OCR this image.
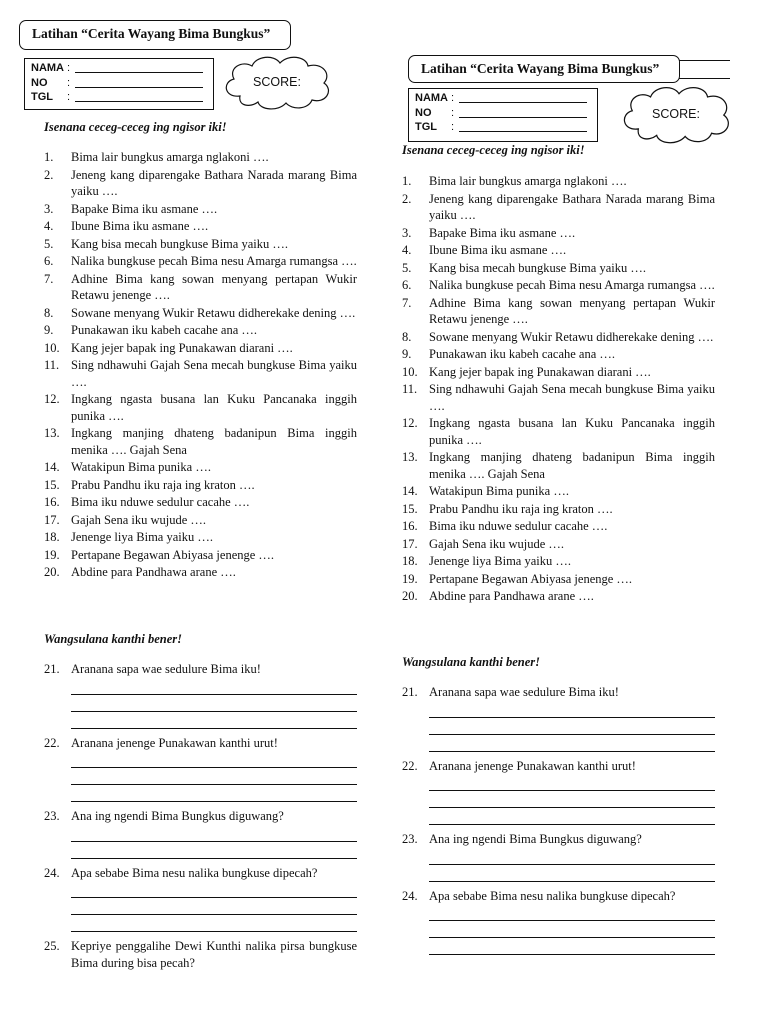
Latihan “Cerita Wayang Bima Bungkus”
NAMA :
NO	:
TGL	:
SCORE:
Isenana ceceg-ceceg ing ngisor iki!
1.	Bima lair bungkus amarga nglakoni ….
2.	Jeneng kang diparengake Bathara Narada marang Bima yaiku ….
3.	Bapake Bima iku asmane ….
4.	Ibune Bima iku asmane ….
5.	Kang bisa mecah bungkuse Bima yaiku ….
6.	Nalika bungkuse pecah Bima nesu Amarga rumangsa ….
7.	Adhine Bima kang sowan menyang pertapan Wukir Retawu jenenge ….
8.	Sowane menyang Wukir Retawu didherekake dening ….
9.	Punakawan iku kabeh cacahe ana ….
10. Kang jejer bapak ing Punakawan diarani ….
11. Sing ndhawuhi Gajah Sena mecah bungkuse Bima yaiku ….
12. Ingkang ngasta busana lan Kuku Pancanaka inggih punika ….
13. Ingkang manjing dhateng badanipun Bima inggih menika …. Gajah Sena
14. Watakipun Bima punika ….
15. Prabu Pandhu iku raja ing kraton ….
16. Bima iku nduwe sedulur cacahe ….
17. Gajah Sena iku wujude ….
18. Jenenge liya Bima yaiku ….
19. Pertapane Begawan Abiyasa jenenge ….
20. Abdine para Pandhawa arane ….
Wangsulana kanthi bener!
21. Aranana sapa wae sedulure Bima iku!
22. Aranana jenenge Punakawan kanthi urut!
23. Ana ing ngendi Bima Bungkus diguwang?
24. Apa sebabe Bima nesu nalika bungkuse dipecah?
25. Kepriye penggalihe Dewi Kunthi nalika pirsa bungkuse Bima during bisa pecah?
Latihan “Cerita Wayang Bima Bungkus”
NAMA :
NO	:
TGL	:
SCORE:
Isenana ceceg-ceceg ing ngisor iki!
1.	Bima lair bungkus amarga nglakoni ….
2.	Jeneng kang diparengake Bathara Narada marang Bima yaiku ….
3.	Bapake Bima iku asmane ….
4.	Ibune Bima iku asmane ….
5.	Kang bisa mecah bungkuse Bima yaiku ….
6.	Nalika bungkuse pecah Bima nesu Amarga rumangsa ….
7.	Adhine Bima kang sowan menyang pertapan Wukir Retawu jenenge ….
8.	Sowane menyang Wukir Retawu didherekake dening ….
9.	Punakawan iku kabeh cacahe ana ….
10. Kang jejer bapak ing Punakawan diarani ….
11. Sing ndhawuhi Gajah Sena mecah bungkuse Bima yaiku ….
12. Ingkang ngasta busana lan Kuku Pancanaka inggih punika ….
13. Ingkang manjing dhateng badanipun Bima inggih menika …. Gajah Sena
14. Watakipun Bima punika ….
15. Prabu Pandhu iku raja ing kraton ….
16. Bima iku nduwe sedulur cacahe ….
17. Gajah Sena iku wujude ….
18. Jenenge liya Bima yaiku ….
19. Pertapane Begawan Abiyasa jenenge ….
20. Abdine para Pandhawa arane ….
Wangsulana kanthi bener!
21. Aranana sapa wae sedulure Bima iku!
22. Aranana jenenge Punakawan kanthi urut!
23. Ana ing ngendi Bima Bungkus diguwang?
24. Apa sebabe Bima nesu nalika bungkuse dipecah?
